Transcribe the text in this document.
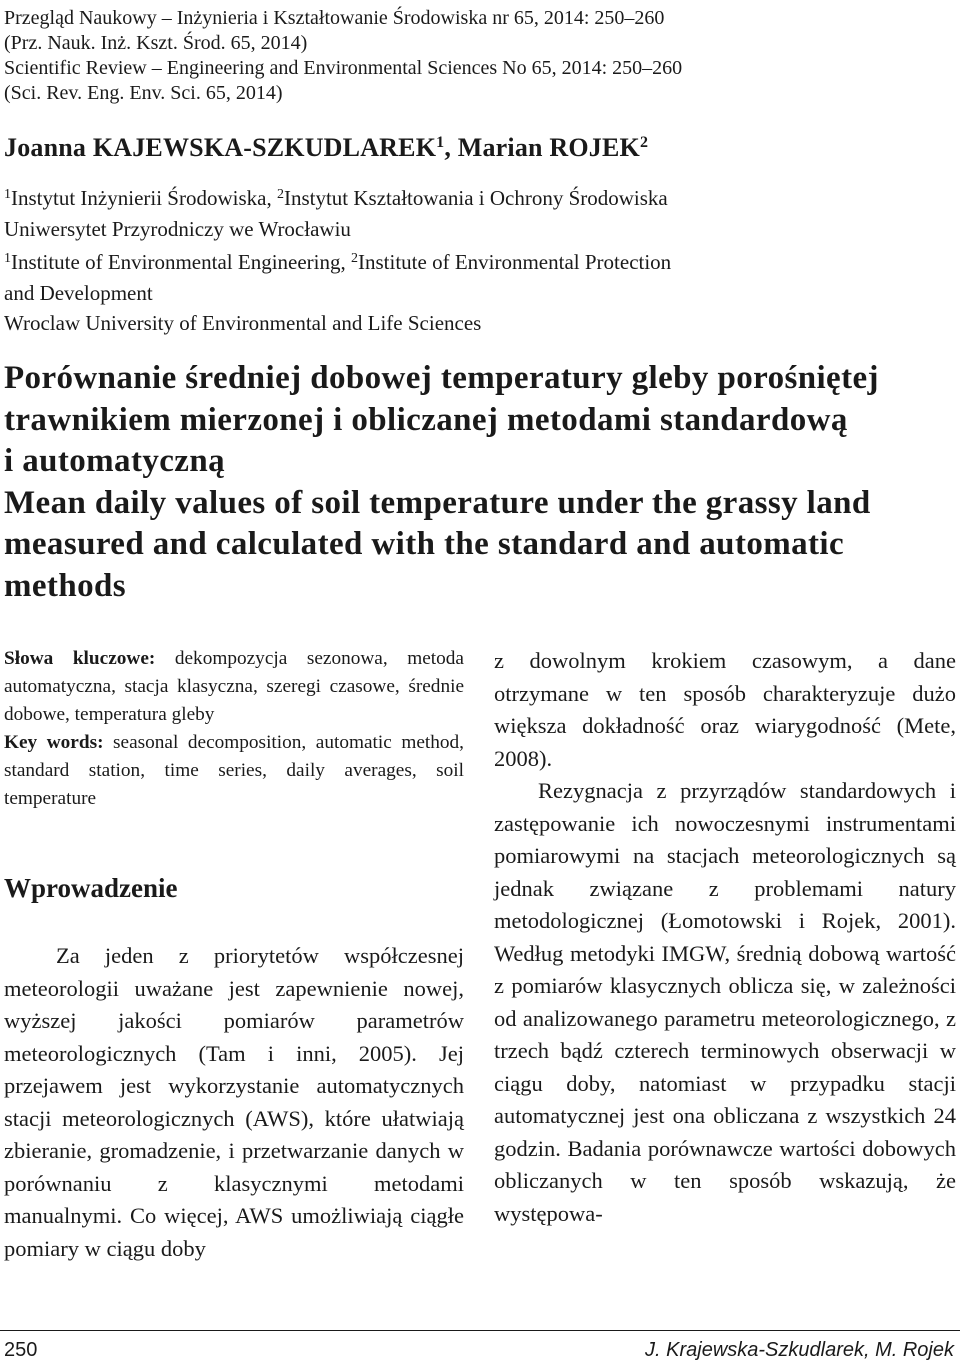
Przegląd Naukowy – Inżynieria i Kształtowanie Środowiska nr 65, 2014: 250–260
(Prz. Nauk. Inż. Kszt. Środ. 65, 2014)
Scientific Review – Engineering and Environmental Sciences No 65, 2014: 250–260
(Sci. Rev. Eng. Env. Sci. 65, 2014)
Joanna KAJEWSKA-SZKUDLAREK$^1$, Marian ROJEK$^2$
$^1$Instytut Inżynierii Środowiska, $^2$Instytut Kształtowania i Ochrony Środowiska
Uniwersytet Przyrodniczy we Wrocławiu
$^1$Institute of Environmental Engineering, $^2$Institute of Environmental Protection
and Development
Wroclaw University of Environmental and Life Sciences
Porównanie średniej dobowej temperatury gleby porośniętej
trawnikiem mierzonej i obliczanej metodami standardową
i automatyczną
Mean daily values of soil temperature under the grassy land
measured and calculated with the standard and automatic
methods

Słowa kluczowe: dekompozycja sezonowa, metoda automatyczna, stacja klasyczna, szeregi czasowe, średnie dobowe, temperatura gleby
Key words: seasonal decomposition, automatic method, standard station, time series, daily averages, soil temperature

Wprowadzenie

Za jeden z priorytetów współczesnej meteorologii uważane jest zapewnienie nowej, wyższej jakości pomiarów parametrów meteorologicznych (Tam i inni, 2005). Jej przejawem jest wykorzystanie automatycznych stacji meteorologicznych (AWS), które ułatwiają zbieranie, gromadzenie, i przetwarzanie danych w porównaniu z klasycznymi metodami manualnymi. Co więcej, AWS umożliwiają ciągłe pomiary w ciągu doby

z dowolnym krokiem czasowym, a dane otrzymane w ten sposób charakteryzuje dużo większa dokładność oraz wiarygodność (Mete, 2008).

Rezygnacja z przyrządów standardowych i zastępowanie ich nowoczesnymi instrumentami pomiarowymi na stacjach meteorologicznych są jednak związane z problemami natury metodologicznej (Łomotowski i Rojek, 2001). Według metodyki IMGW, średnią dobową wartość z pomiarów klasycznych oblicza się, w zależności od analizowanego parametru meteorologicznego, z trzech bądź czterech terminowych obserwacji w ciągu doby, natomiast w przypadku stacji automatycznej jest ona obliczana z wszystkich 24 godzin. Badania porównawcze wartości dobowych obliczanych w ten sposób wskazują, że występowa-

250	J. Krajewska-Szkudlarek, M. Rojek
